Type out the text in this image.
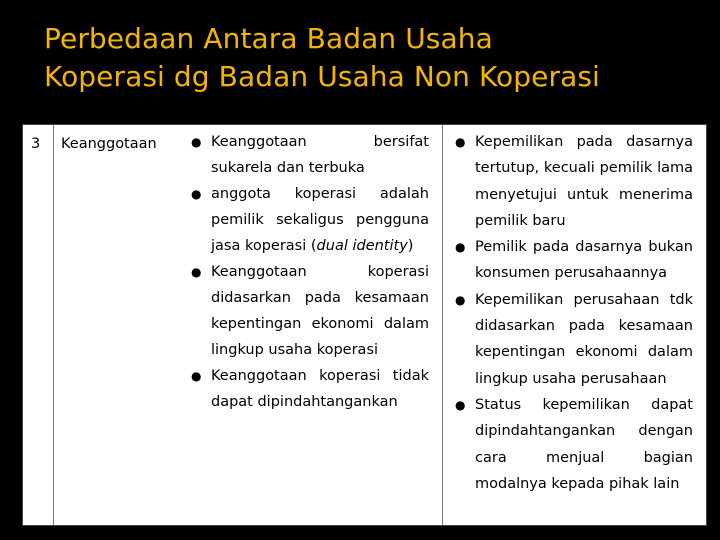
Perbedaan Antara Badan Usaha
Koperasi dg Badan Usaha Non Koperasi
3 Keanggotaan	● Keanggotaan bersifat sukarela dan terbuka
● anggota koperasi adalah pemilik sekaligus pengguna jasa koperasi (dual identity)
● Keanggotaan koperasi didasarkan pada kesamaan kepentingan ekonomi dalam lingkup usaha koperasi
● Keanggotaan koperasi tidak dapat dipindahtangankan
● Kepemilikan pada dasarnya tertutup, kecuali pemilik lama menyetujui untuk menerima pemilik baru
● Pemilik pada dasarnya bukan konsumen perusahaannya
● Kepemilikan perusahaan tdk didasarkan pada kesamaan kepentingan ekonomi dalam lingkup usaha perusahaan
● Status kepemilikan dapat dipindahtangankan dengan cara menjual bagian modalnya kepada pihak lain
